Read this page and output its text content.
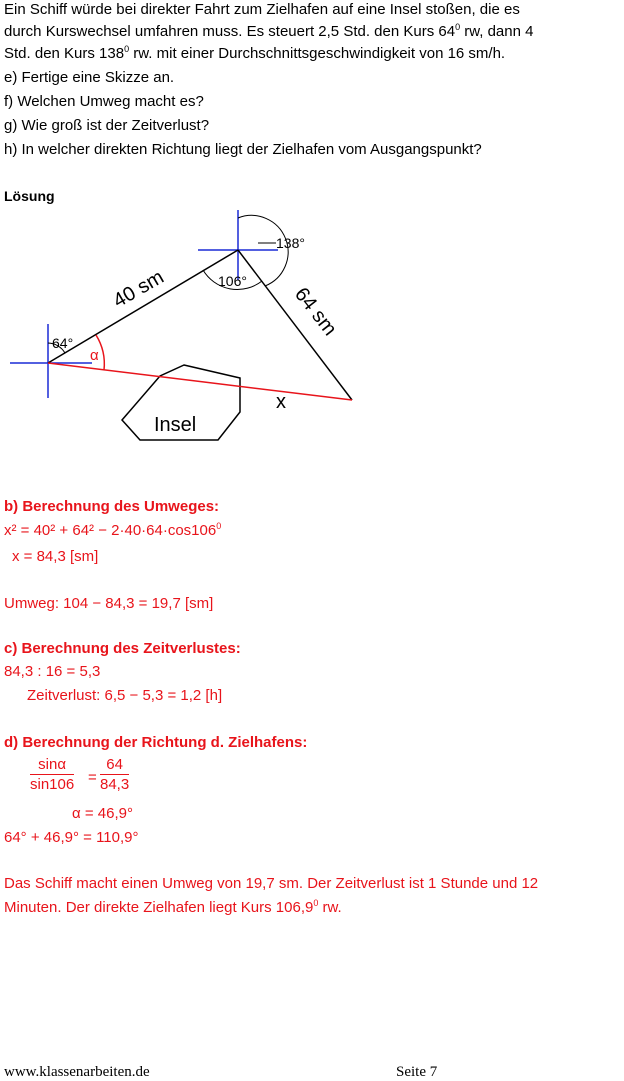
Ein Schiff würde bei direkter Fahrt zum Zielhafen auf eine Insel stoßen, die es
durch Kurswechsel umfahren muss. Es steuert 2,5 Std. den Kurs $64^0$ rw, dann 4
Std. den Kurs $138^0$ rw. mit einer Durchschnittsgeschwindigkeit von 16 sm/h.
e) Fertige eine Skizze an.
f) Welchen Umweg macht es?
g) Wie groß ist der Zeitverlust?
h) In welcher direkten Richtung liegt der Zielhafen vom Ausgangspunkt?
Lösung
Insel
138°
106°
64°
α
40 sm	64 sm
x
b) Berechnung des Umweges:
$x^2 = 40^2 + 64^2 - 2\cdot 40\cdot 64\cdot\cos 106^0$
x = 84,3 [sm]
Umweg: 104 − 84,3 = 19,7 [sm]
c) Berechnung des Zeitverlustes:
84,3 : 16 = 5,3
Zeitverlust: 6,5 − 5,3 = 1,2 [h]
d) Berechnung der Richtung d. Zielhafens:
$\frac{\sin\alpha}{\sin 106} = \frac{64}{84,3}$
α = 46,9°
64° + 46,9° = 110,9°
Das Schiff macht einen Umweg von 19,7 sm. Der Zeitverlust ist 1 Stunde und 12
Minuten. Der direkte Zielhafen liegt Kurs 106,9$^0$ rw.
www.klassenarbeiten.de	Seite 7
